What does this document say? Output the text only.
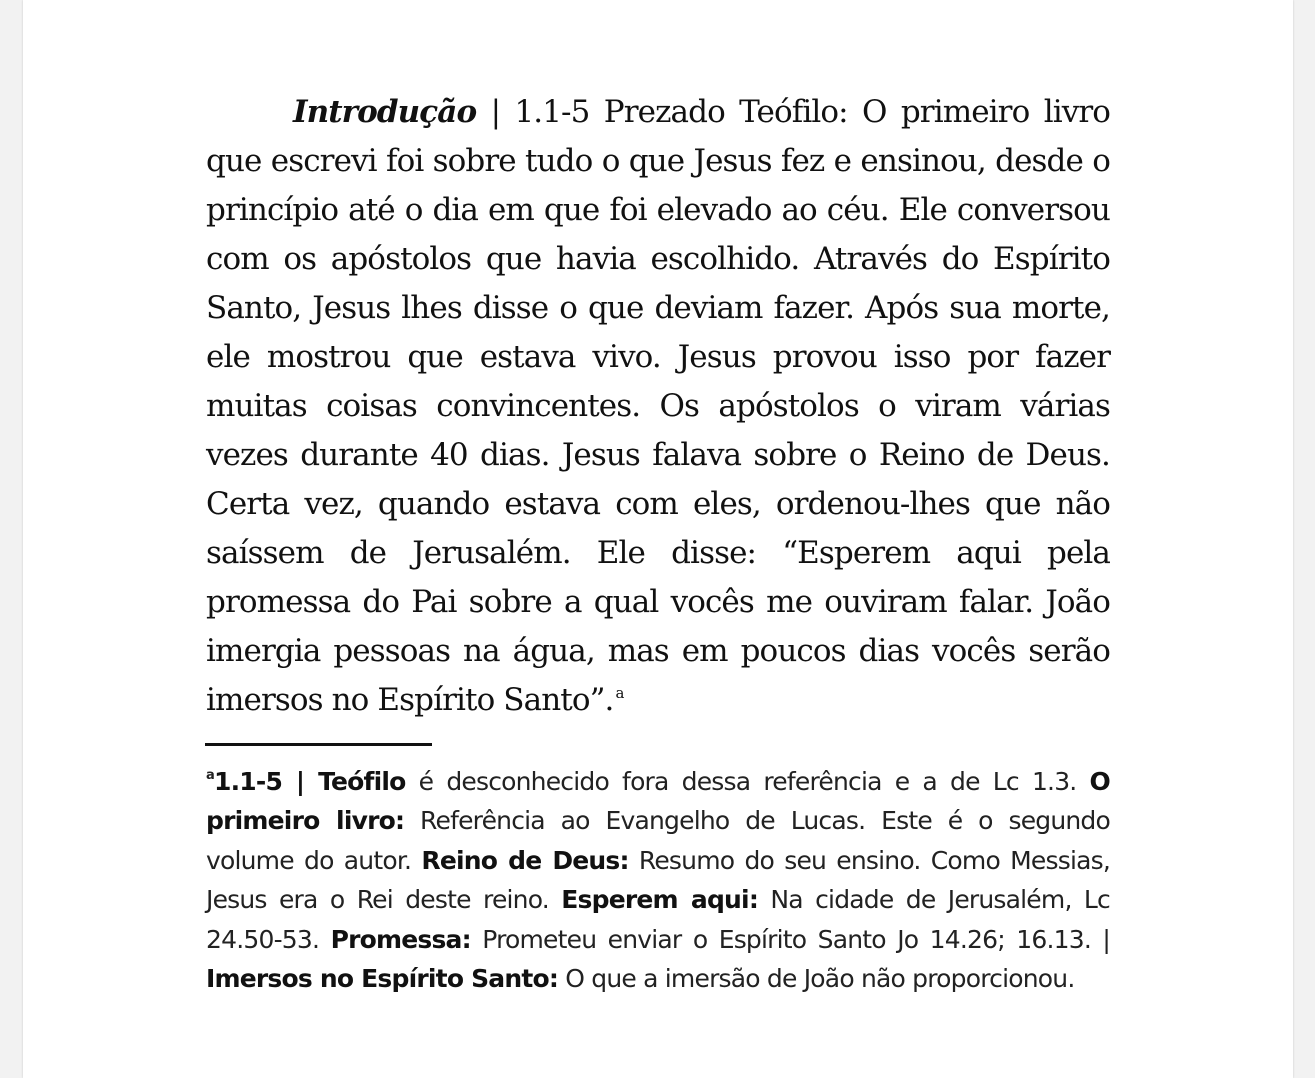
Introdução | 1.1-5 Prezado Teófilo: O primeiro livro que escrevi foi sobre tudo o que Jesus fez e ensinou, desde o princípio até o dia em que foi elevado ao céu. Ele conversou com os apóstolos que havia escolhido. Através do Espírito Santo, Jesus lhes disse o que deviam fazer. Após sua morte, ele mostrou que estava vivo. Jesus provou isso por fazer muitas coisas convincentes. Os apóstolos o viram várias vezes durante 40 dias. Jesus falava sobre o Reino de Deus. Certa vez, quando estava com eles, ordenou-lhes que não saíssem de Jerusalém. Ele disse: “Esperem aqui pela promessa do Pai sobre a qual vocês me ouviram falar. João imergia pessoas na água, mas em poucos dias vocês serão imersos no Espírito Santo”. $^a$

$^a$1.1-5 | Teófilo é desconhecido fora dessa referência e a de Lc 1.3. O primeiro livro: Referência ao Evangelho de Lucas. Este é o segundo volume do autor. Reino de Deus: Resumo do seu ensino. Como Messias, Jesus era o Rei deste reino. Esperem aqui: Na cidade de Jerusalém, Lc 24.50-53. Promessa: Prometeu enviar o Espírito Santo Jo 14.26; 16.13. | Imersos no Espírito Santo: O que a imersão de João não proporcionou.
